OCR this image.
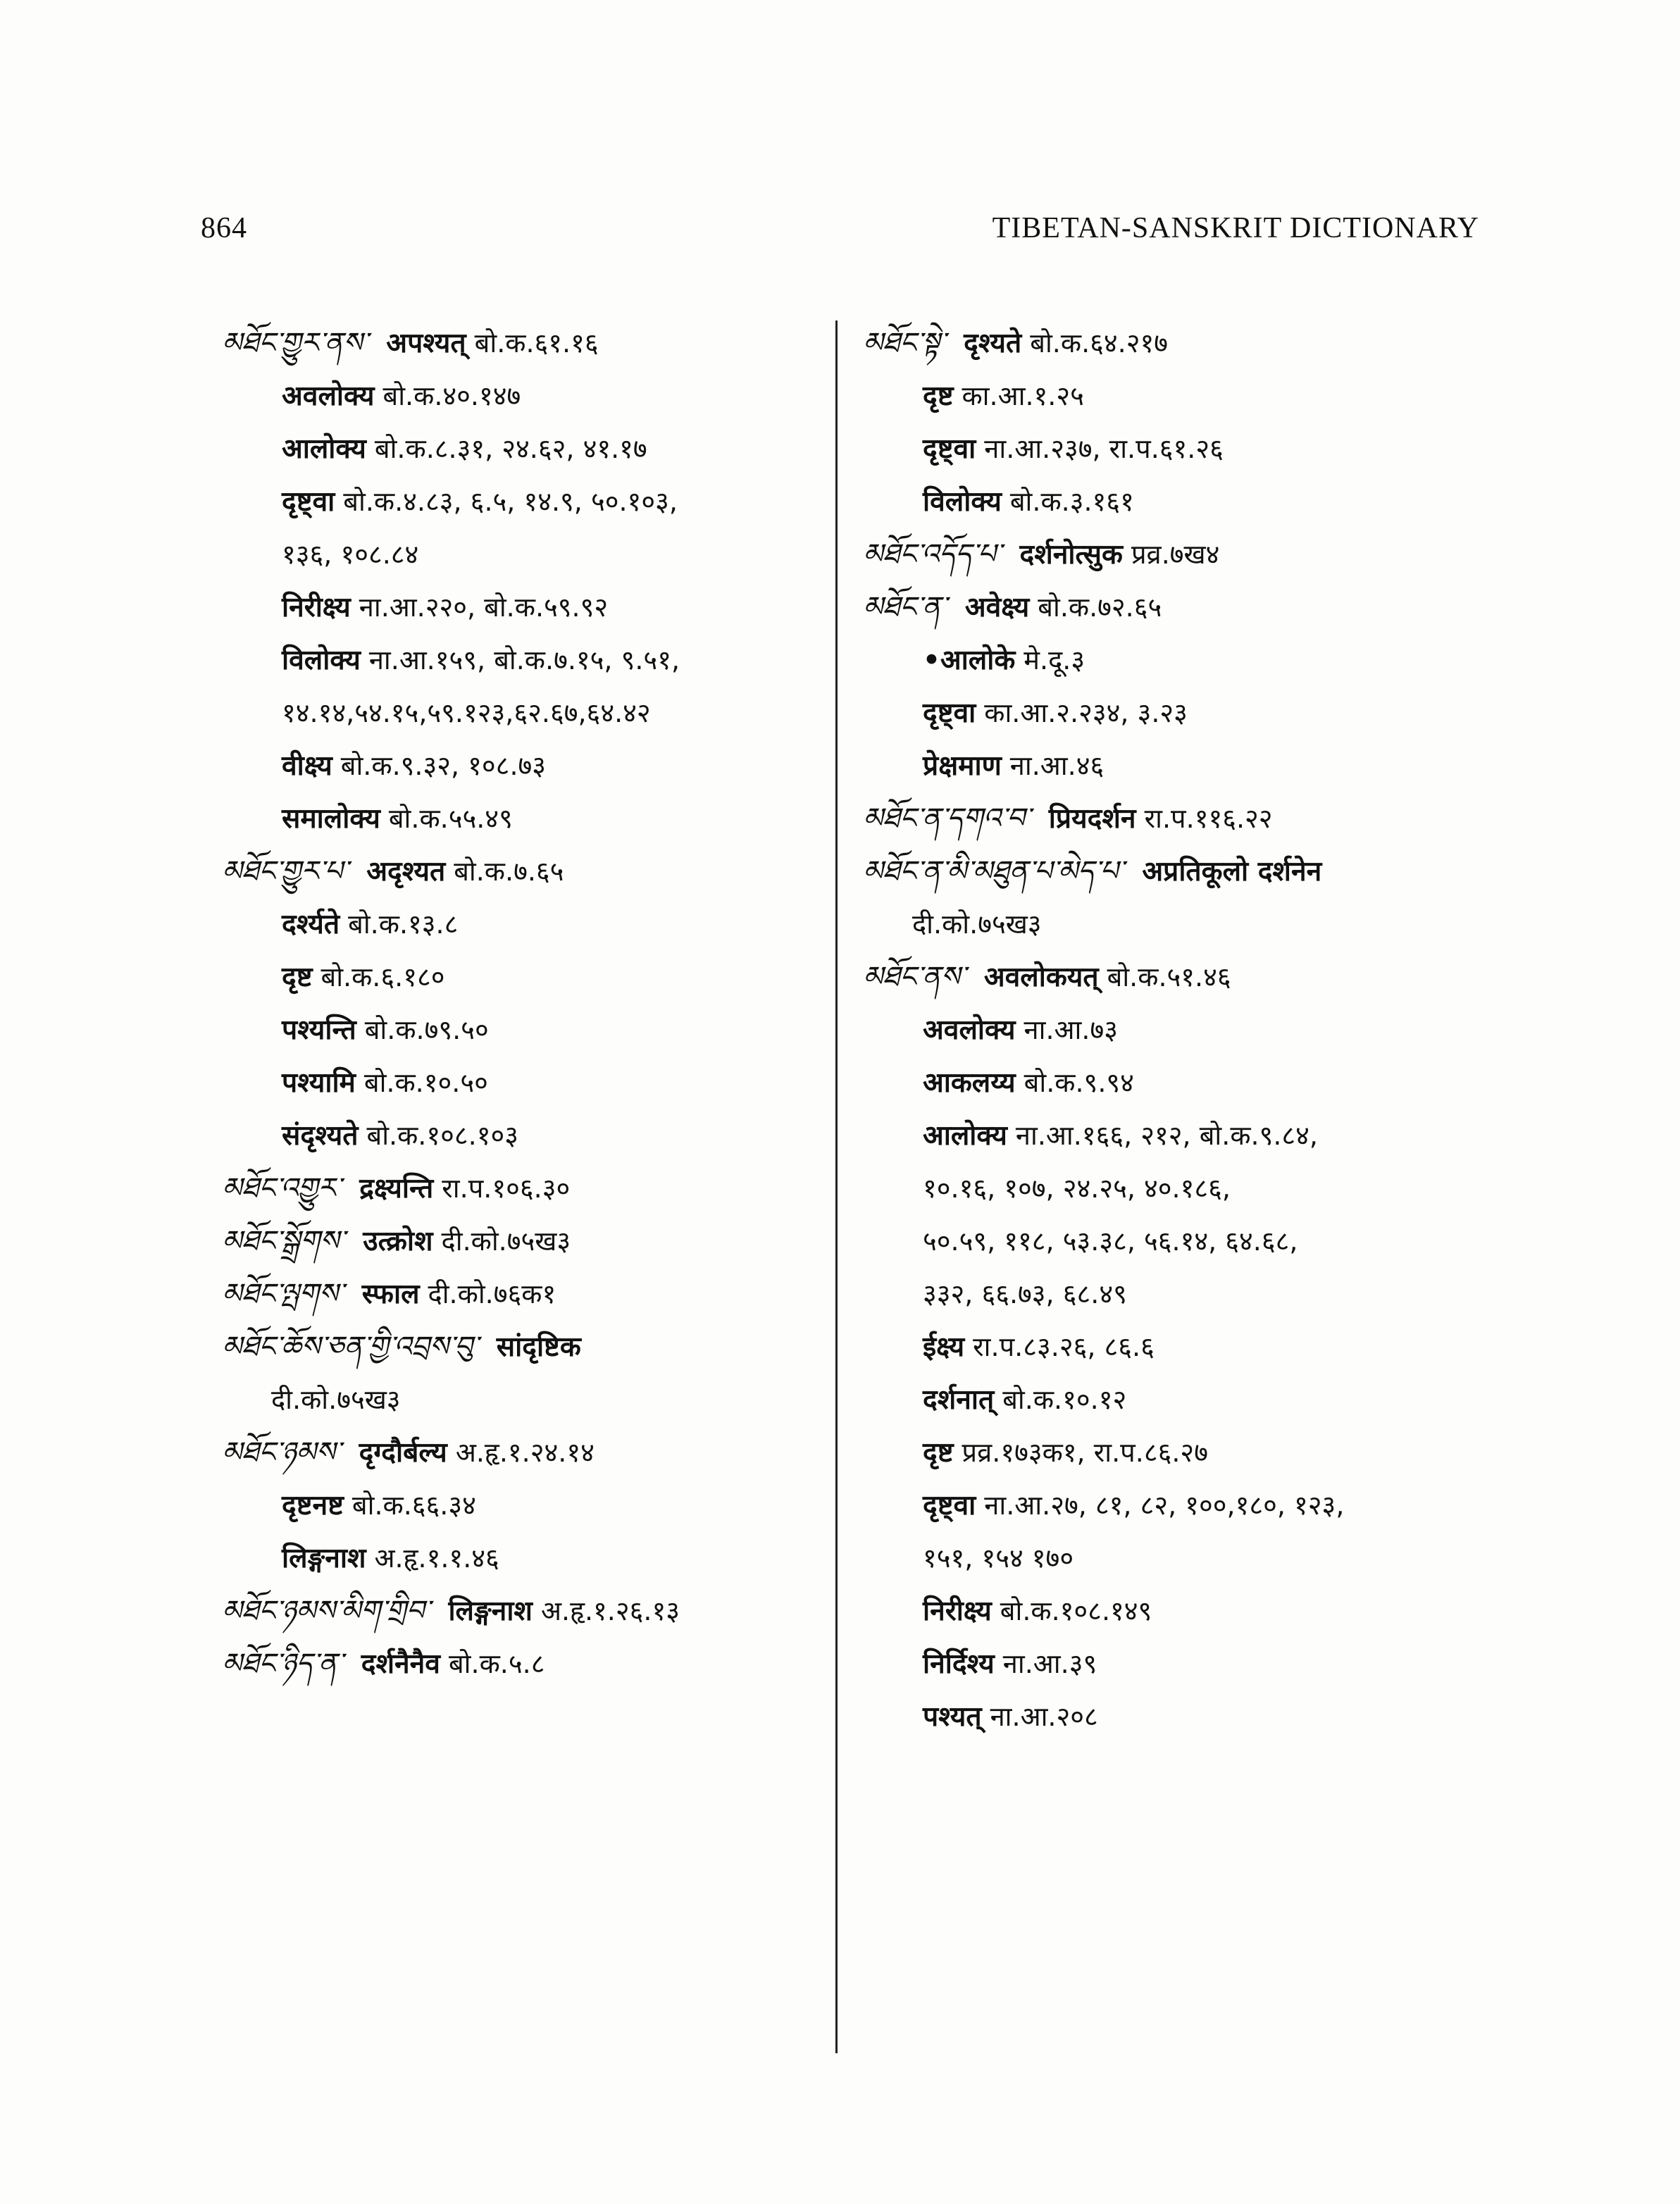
864	TIBETAN-SANSKRIT DICTIONARY
མཐོང་གྱུར་ནས་ अपश्यत् बो.क.६१.१६
अवलोक्य बो.क.४०.१४७
आलोक्य बो.क.८.३१, २४.६२, ४१.१७
दृष्ट्वा बो.क.४.८३, ६.५, १४.९, ५०.१०३,
१३६, १०८.८४
निरीक्ष्य ना.आ.२२०, बो.क.५९.९२
विलोक्य ना.आ.१५९, बो.क.७.१५, ९.५१,
१४.१४,५४.१५,५९.१२३,६२.६७,६४.४२
वीक्ष्य बो.क.९.३२, १०८.७३
समालोक्य बो.क.५५.४९
མཐོང་གྱུར་པ་ अदृश्यत बो.क.७.६५
दर्श्यते बो.क.१३.८
दृष्ट बो.क.६.१८०
पश्यन्ति बो.क.७९.५०
पश्यामि बो.क.१०.५०
संदृश्यते बो.क.१०८.१०३
མཐོང་འགྱུར་ द्रक्ष्यन्ति रा.प.१०६.३०
མཐོང་སྒྲོགས་ उत्क्रोश दी.को.७५ख३
མཐོང་ལྤགས་ स्फाल दी.को.७६क१
མཐོང་ཆོས་ཅན་གྱི་འབྲས་བུ་ सांदृष्टिक
दी.को.७५ख३
མཐོང་ཉམས་ दृग्दौर्बल्य अ.हृ.१.२४.१४
दृष्टनष्ट बो.क.६६.३४
लिङ्गनाश अ.हृ.१.१.४६
མཐོང་ཉམས་མིག་གྲིབ་ लिङ्गनाश अ.हृ.१.२६.१३
མཐོང་ཉིད་ན་ दर्शनैनैव बो.क.५.८
མཐོང་སྟེ་ दृश्यते बो.क.६४.२१७
दृष्ट का.आ.१.२५
दृष्ट्वा ना.आ.२३७, रा.प.६१.२६
विलोक्य बो.क.३.१६१
མཐོང་འདོད་པ་ दर्शनोत्सुक प्रव्र.७ख४
མཐོང་ན་ अवेक्ष्य बो.क.७२.६५
•आलोके मे.दू.३
दृष्ट्वा का.आ.२.२३४, ३.२३
प्रेक्षमाण ना.आ.४६
མཐོང་ན་དགའ་བ་ प्रियदर्शन रा.प.११६.२२
མཐོང་ན་མི་མཐུན་པ་མེད་པ་ अप्रतिकूलो दर्शनेन
दी.को.७५ख३
མཐོང་ནས་ अवलोकयत् बो.क.५१.४६
अवलोक्य ना.आ.७३
आकलय्य बो.क.९.९४
आलोक्य ना.आ.१६६, २१२, बो.क.९.८४,
१०.१६, १०७, २४.२५, ४०.१८६,
५०.५९, ११८, ५३.३८, ५६.१४, ६४.६८,
३३२, ६६.७३, ६८.४९
ईक्ष्य रा.प.८३.२६, ८६.६
दर्शनात् बो.क.१०.१२
दृष्ट प्रव्र.१७३क१, रा.प.८६.२७
दृष्ट्वा ना.आ.२७, ८१, ८२, १००,१८०, १२३,
१५१, १५४ १७०
निरीक्ष्य बो.क.१०८.१४९
निर्दिश्य ना.आ.३९
पश्यत् ना.आ.२०८
